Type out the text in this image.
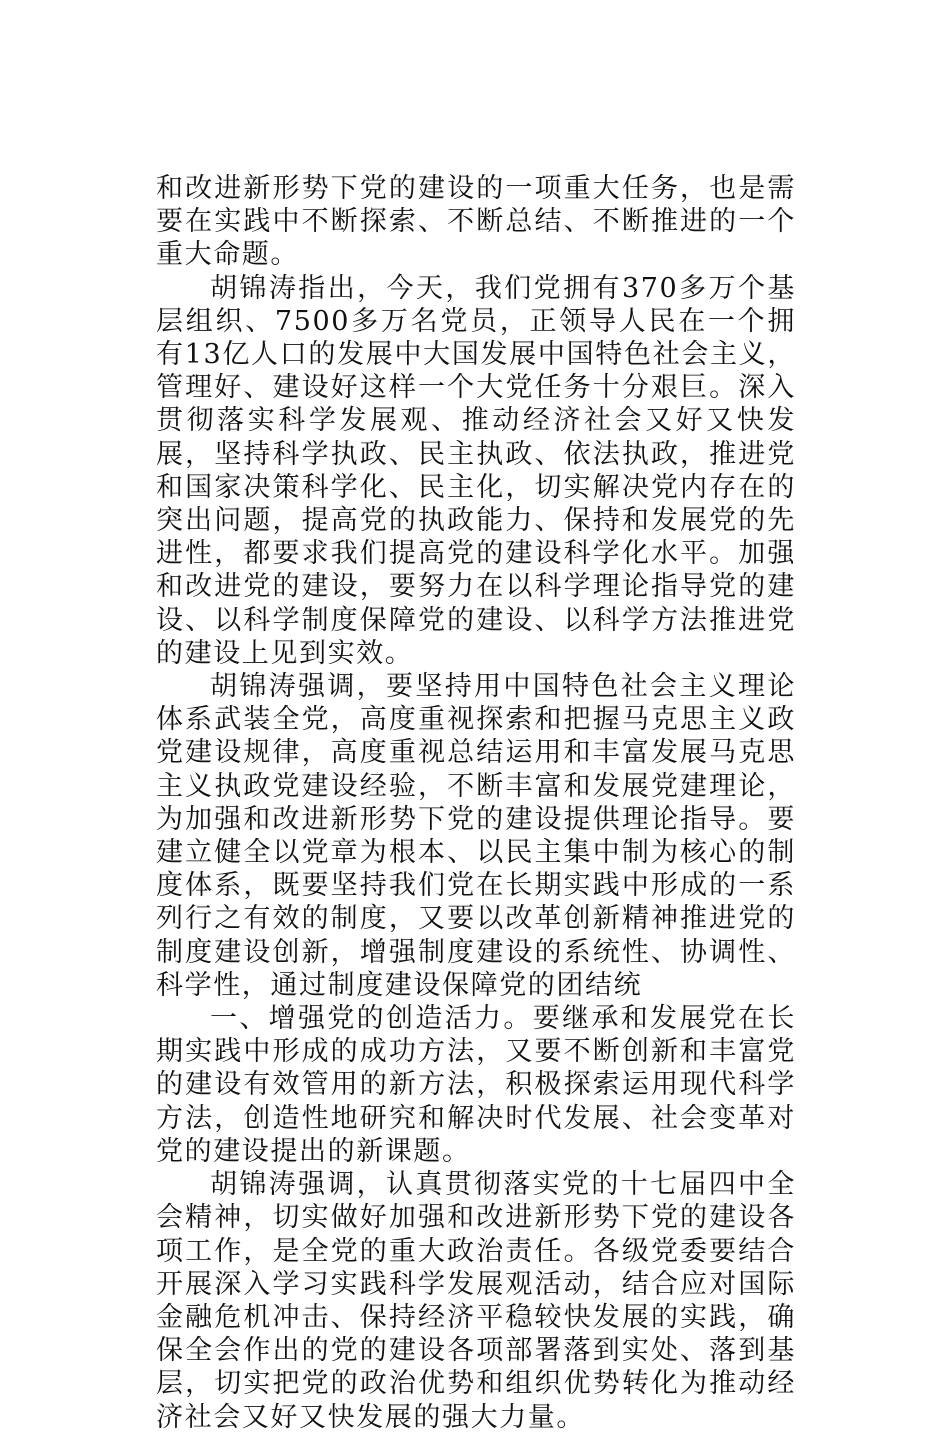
和改进新形势下党的建设的一项重大任务，也是需要在实践中不断探索、不断总结、不断推进的一个重大命题。

胡锦涛指出，今天，我们党拥有370多万个基层组织、7500多万名党员，正领导人民在一个拥有13亿人口的发展中大国发展中国特色社会主义，管理好、建设好这样一个大党任务十分艰巨。深入贯彻落实科学发展观、推动经济社会又好又快发展，坚持科学执政、民主执政、依法执政，推进党和国家决策科学化、民主化，切实解决党内存在的突出问题，提高党的执政能力、保持和发展党的先进性，都要求我们提高党的建设科学化水平。加强和改进党的建设，要努力在以科学理论指导党的建设、以科学制度保障党的建设、以科学方法推进党的建设上见到实效。

胡锦涛强调，要坚持用中国特色社会主义理论体系武装全党，高度重视探索和把握马克思主义政党建设规律，高度重视总结运用和丰富发展马克思主义执政党建设经验，不断丰富和发展党建理论，为加强和改进新形势下党的建设提供理论指导。要建立健全以党章为根本、以民主集中制为核心的制度体系，既要坚持我们党在长期实践中形成的一系列行之有效的制度，又要以改革创新精神推进党的制度建设创新，增强制度建设的系统性、协调性、科学性，通过制度建设保障党的团结统

一、增强党的创造活力。要继承和发展党在长期实践中形成的成功方法，又要不断创新和丰富党的建设有效管用的新方法，积极探索运用现代科学方法，创造性地研究和解决时代发展、社会变革对党的建设提出的新课题。

胡锦涛强调，认真贯彻落实党的十七届四中全会精神，切实做好加强和改进新形势下党的建设各项工作，是全党的重大政治责任。各级党委要结合开展深入学习实践科学发展观活动，结合应对国际金融危机冲击、保持经济平稳较快发展的实践，确保全会作出的党的建设各项部署落到实处、落到基层，切实把党的政治优势和组织优势转化为推动经济社会又好又快发展的强大力量。
